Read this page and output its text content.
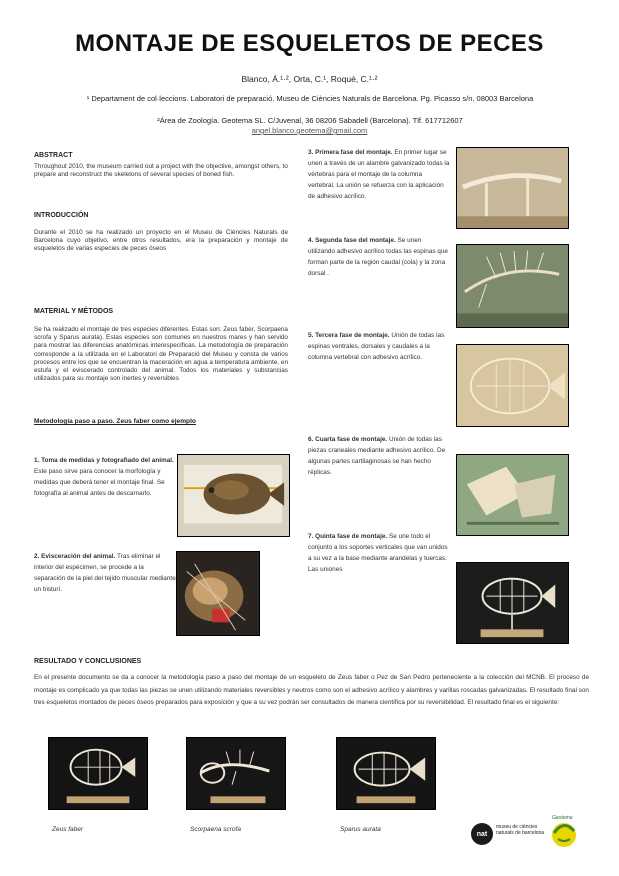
MONTAJE DE ESQUELETOS DE PECES
Blanco, Á.¹·², Orta, C.¹, Roqué, C.¹·²
¹ Departament de col·leccions. Laboratori de preparació. Museu de Ciències Naturals de Barcelona. Pg. Picasso s/n. 08003 Barcelona
²Área de Zoología. Geotema SL. C/Juvenal, 36 08206 Sabadell (Barcelona). Tlf. 617712607
angel.blanco.geotema@gmail.com
ABSTRACT
Throughout 2010, the museum carried out a project with the objective, amongst others, to prepare and reconstruct the skeletons of several species of boned fish.
INTRODUCCIÓN
Durante el 2010 se ha realizado un proyecto en el Museu de Ciències Naturals de Barcelona cuyo objetivo, entre otros resultados, era la preparación y montaje de esqueletos de varias especies de peces óseos
MATERIAL Y MÉTODOS
Se ha realizado el montaje de tres especies diferentes. Estas son: Zeus faber, Scorpaena scrofa y Sparus aurata). Estas especies son comunes en nuestros mares y han servido para mostrar las diferencias anatómicas interespecíficas. La metodología de preparación corresponde a la utilizada en el Laboratori de Preparació del Museu y consta de varios procesos entre los que se encuentran la maceración en agua a temperatura ambiente, en estufa y el eviscerado controlado del animal. Todos los materiales y substancias utilizados para su montaje son inertes y reversibles
Metodología paso a paso. Zeus faber como ejemplo
1. Toma de medidas y fotografiado del animal. Este paso sirve para conocer la morfología y medidas que deberá tener el montaje final. Se fotografía al animal antes de descarnarlo.
2. Evisceración del animal. Tras eliminar el interior del espécimen, se procede a la separación de la piel del tejido muscular mediante un bisturí.
3. Primera fase del montaje. En primer lugar se unen a través de un alambre galvanizado todas la vértebras para el montaje de la columna vertebral. La unión se refuerza con la aplicación de adhesivo acrílico.
4. Segunda fase del montaje. Se unen utilizando adhesivo acrílico todas las espinas que forman parte de la región caudal (cola) y la zona dorsal .
5. Tercera fase de montaje. Unión de todas las espinas ventrales, dorsales y caudales a la columna vertebral con adhesivo acrílico.
6. Cuarta fase de montaje. Unión de todas las piezas craneales mediante adhesivo acrílico. De algunas partes cartilaginosas se han hecho réplicas.
7. Quinta fase de montaje. Se une todo el conjunto a los soportes verticales que van unidos a su vez a la base mediante arandelas y tuercas. Las uniones
RESULTADO Y CONCLUSIONES
En el presente documento se da a conocer la metodología paso a paso del montaje de un esqueleto de Zeus faber o Pez de San Pedro perteneciente a la colección del MCNB. El proceso de montaje es complicado ya que todas las piezas se unen utilizando materiales reversibles y neutros como son el adhesivo acrílico y alambres y varillas roscadas galvanizadas. El resultado final son tres esqueletos montados de peces óseos preparados para exposición y que a su vez podrán ser consultados de manera científica por su reversibilidad. El resultado final es el siguiente:
Zeus faber	Scorpaena scrofa	Sparus aurata
nat
museu de ciències naturals de barcelona
Geotema
